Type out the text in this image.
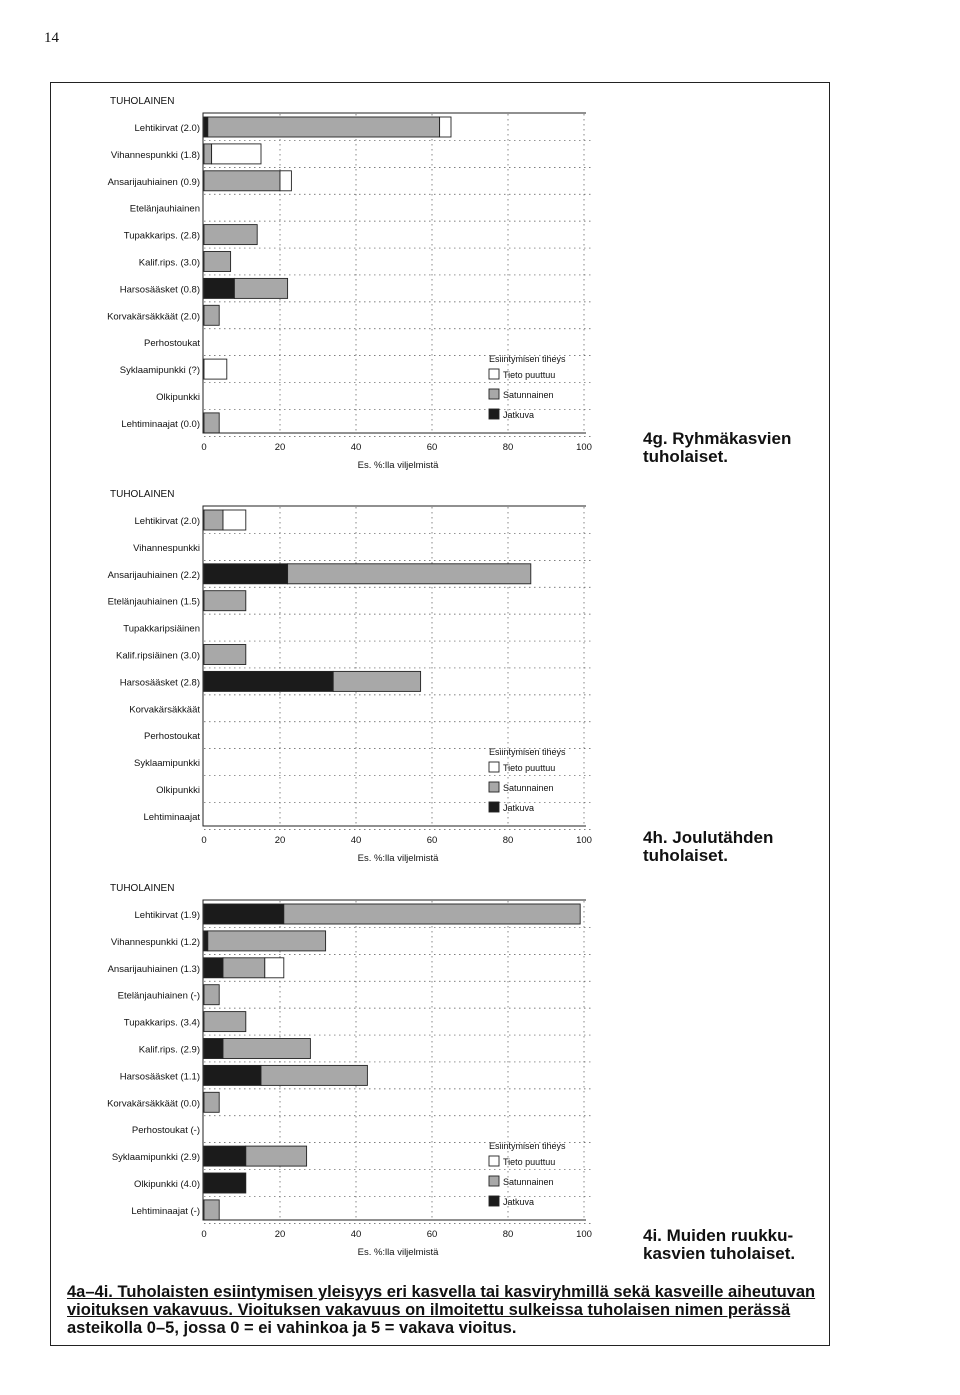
14
TUHOLAINEN
Lehtikirvat (2.0)
Vihannespunkki (1.8)
Ansarijauhiainen (0.9)
Etelänjauhiainen
Tupakkarips. (2.8)
Kalif.rips. (3.0)
Harsosääsket (0.8)
Korvakärsäkkäät (2.0)
Perhostoukat
Syklaamipunkki (?)
Olkipunkki
Lehtiminaajat (0.0)
0	20	40	60	80	100
Es. %:lla viljelmistä
Esiintymisen tiheys
Tieto puuttuu
Satunnainen
Jatkuva
4g. Ryhmäkasvien
tuholaiset.
TUHOLAINEN
Lehtikirvat (2.0)
Vihannespunkki
Ansarijauhiainen (2.2)
Etelänjauhiainen (1.5)
Tupakkaripsiäinen
Kalif.ripsiäinen (3.0)
Harsosääsket (2.8)
Korvakärsäkkäät
Perhostoukat
Syklaamipunkki
Olkipunkki
Lehtiminaajat
0	20	40	60	80	100
Es. %:lla viljelmistä
Esiintymisen tiheys
Tieto puuttuu
Satunnainen
Jatkuva
4h. Joulutähden
tuholaiset.
TUHOLAINEN
Lehtikirvat (1.9)
Vihannespunkki (1.2)
Ansarijauhiainen (1.3)
Etelänjauhiainen (-)
Tupakkarips. (3.4)
Kalif.rips. (2.9)
Harsosääsket (1.1)
Korvakärsäkkäät (0.0)
Perhostoukat (-)
Syklaamipunkki (2.9)
Olkipunkki (4.0)
Lehtiminaajat (-)
0	20	40	60	80	100
Es. %:lla viljelmistä
Esiintymisen tiheys
Tieto puuttuu
Satunnainen
Jatkuva
4i. Muiden ruukku-
kasvien tuholaiset.
4a–4i. Tuholaisten esiintymisen yleisyys eri kasvella tai kasviryhmillä sekä kasveille aiheutuvan
vioituksen vakavuus. Vioituksen vakavuus on ilmoitettu sulkeissa tuholaisen nimen perässä
asteikolla 0–5, jossa 0 = ei vahinkoa ja 5 = vakava vioitus.
